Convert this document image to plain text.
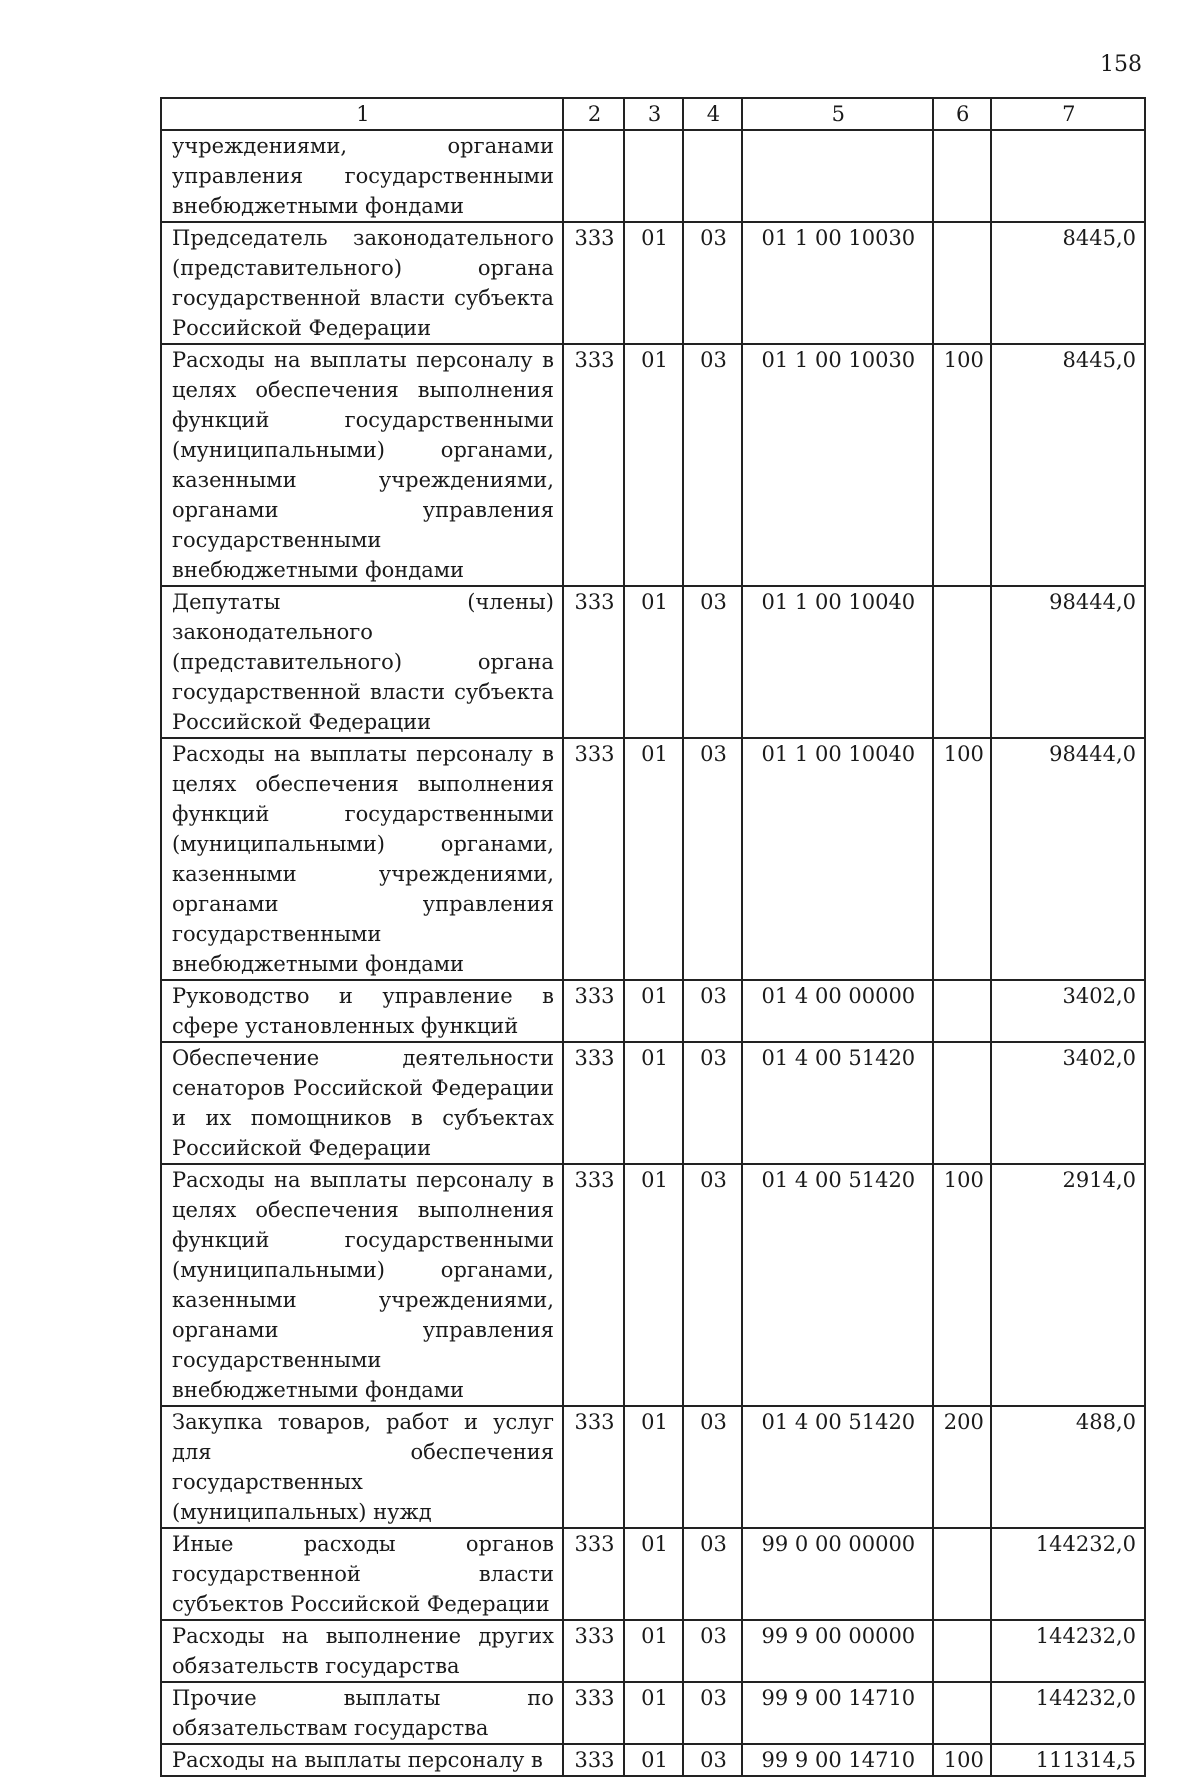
158
1	2	3	4	5	6	7
учреждениями, органами управления государственными внебюджетными фондами						
Председатель законодательного (представительного) органа государственной власти субъекта Российской Федерации	333	01	03	01 1 00 10030		8445,0
Расходы на выплаты персоналу в целях обеспечения выполнения функций государственными (муниципальными) органами, казенными учреждениями, органами управления государственными внебюджетными фондами	333	01	03	01 1 00 10030	100	8445,0
Депутаты (члены) законодательного (представительного) органа государственной власти субъекта Российской Федерации	333	01	03	01 1 00 10040		98444,0
Расходы на выплаты персоналу в целях обеспечения выполнения функций государственными (муниципальными) органами, казенными учреждениями, органами управления государственными внебюджетными фондами	333	01	03	01 1 00 10040	100	98444,0
Руководство и управление в сфере установленных функций	333	01	03	01 4 00 00000		3402,0
Обеспечение деятельности сенаторов Российской Федерации и их помощников в субъектах Российской Федерации	333	01	03	01 4 00 51420		3402,0
Расходы на выплаты персоналу в целях обеспечения выполнения функций государственными (муниципальными) органами, казенными учреждениями, органами управления государственными внебюджетными фондами	333	01	03	01 4 00 51420	100	2914,0
Закупка товаров, работ и услуг для обеспечения государственных (муниципальных) нужд	333	01	03	01 4 00 51420	200	488,0
Иные расходы органов государственной власти субъектов Российской Федерации	333	01	03	99 0 00 00000		144232,0
Расходы на выполнение других обязательств государства	333	01	03	99 9 00 00000		144232,0
Прочие выплаты по обязательствам государства	333	01	03	99 9 00 14710		144232,0
Расходы на выплаты персоналу в	333	01	03	99 9 00 14710	100	111314,5
